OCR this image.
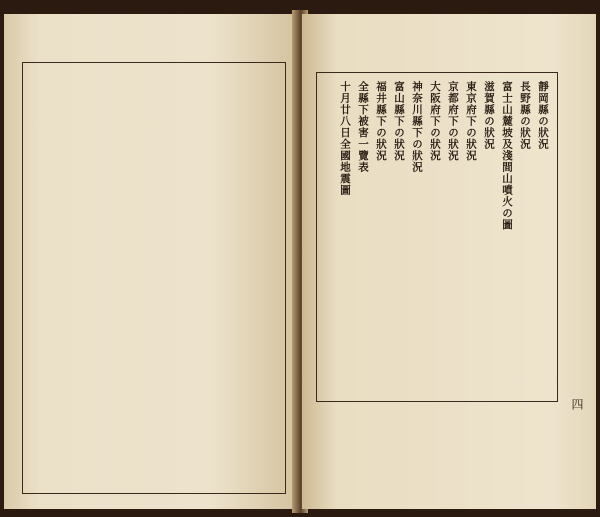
靜岡縣の狀況
長野縣の狀況
富士山麓坡及淺間山噴火の圖
滋賀縣の狀況
東京府下の狀況
京都府下の狀況
大阪府下の狀況
神奈川縣下の狀況
富山縣下の狀況
福井縣下の狀況
全縣下被害一覽表
十月廿八日全國地震圖
四
